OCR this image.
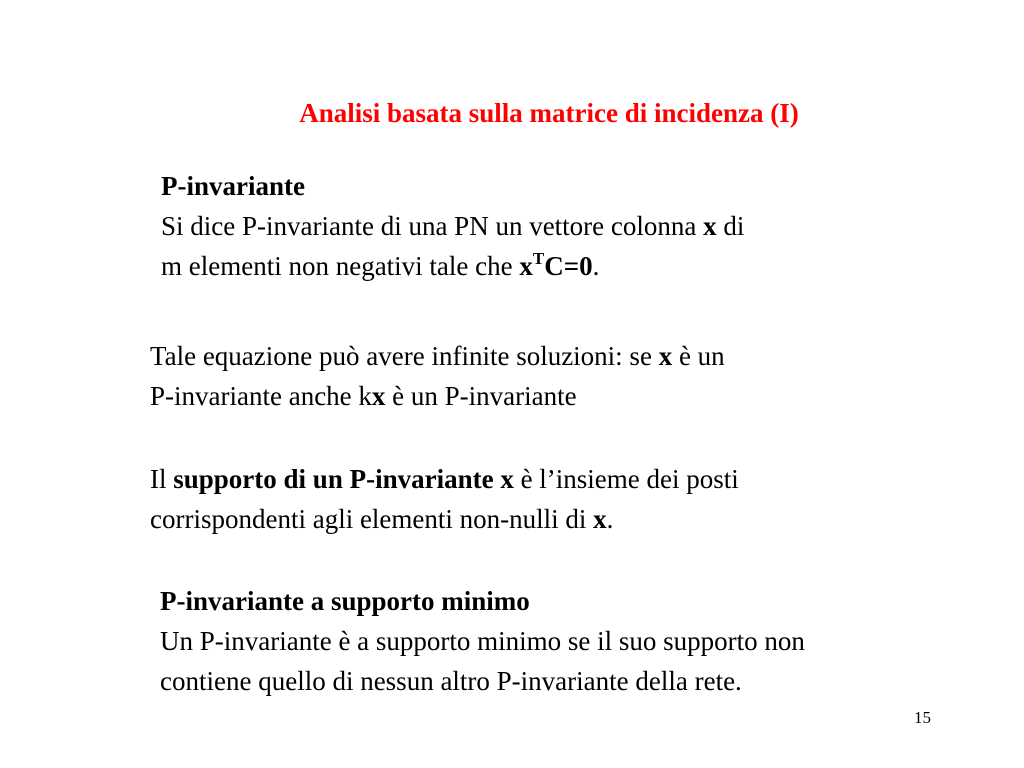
Analisi basata sulla matrice di incidenza (I)
P-invariante
Si dice P-invariante di una PN un vettore colonna x di
m elementi non negativi tale che $x^TC=0$.
Tale equazione può avere infinite soluzioni: se x è un
P-invariante anche kx è un P-invariante
Il supporto di un P-invariante x è l’insieme dei posti
corrispondenti agli elementi non-nulli di x.
P-invariante a supporto minimo
Un P-invariante è a supporto minimo se il suo supporto non
contiene quello di nessun altro P-invariante della rete.
15
